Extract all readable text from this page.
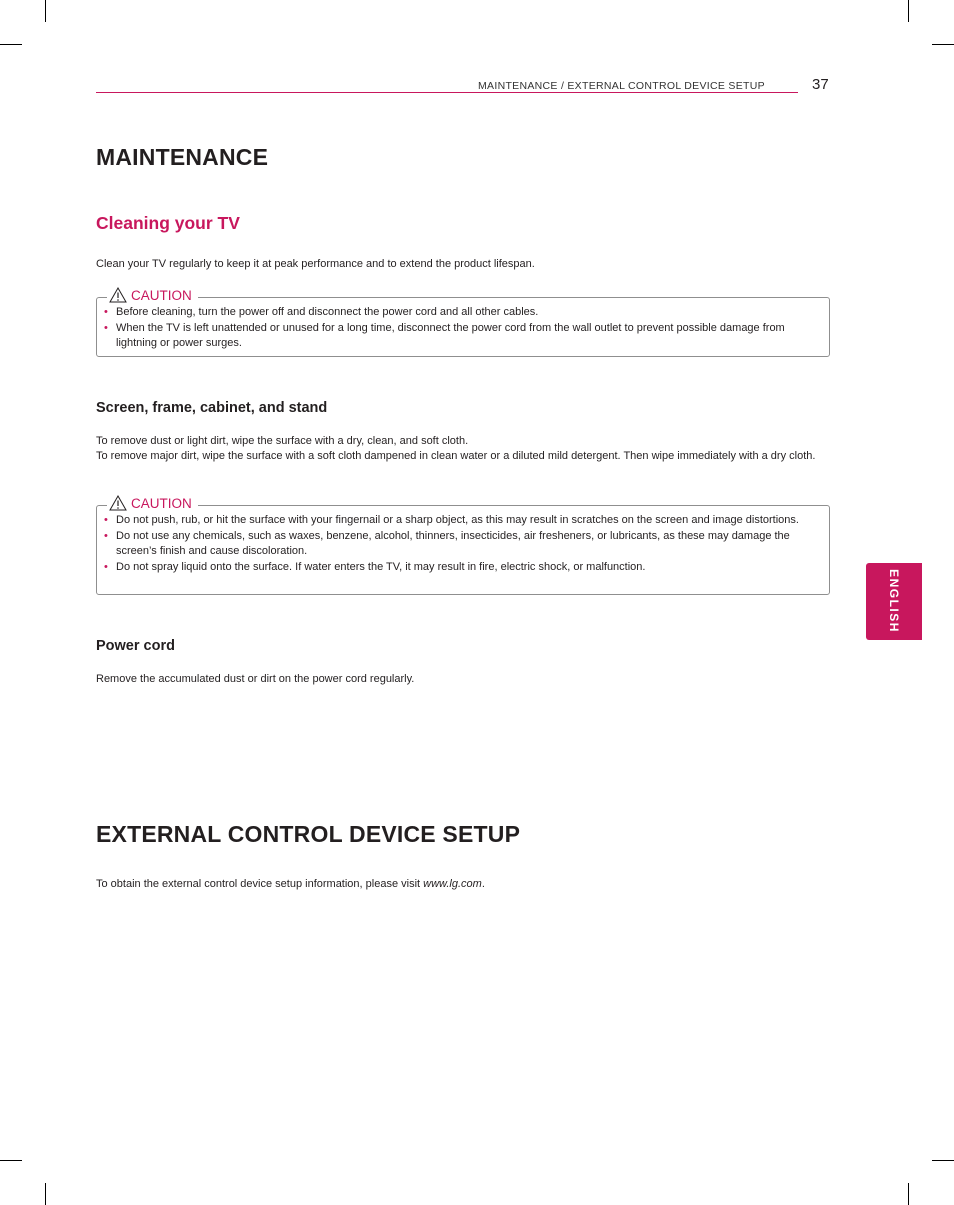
MAINTENANCE / EXTERNAL CONTROL DEVICE SETUP	37
MAINTENANCE
Cleaning your TV

Clean your TV regularly to keep it at peak performance and to extend the product lifespan.

CAUTION
• Before cleaning, turn the power off and disconnect the power cord and all other cables.
• When the TV is left unattended or unused for a long time, disconnect the power cord from the wall outlet to prevent possible damage from lightning or power surges.
Screen, frame, cabinet, and stand

To remove dust or light dirt, wipe the surface with a dry, clean, and soft cloth.

To remove major dirt, wipe the surface with a soft cloth dampened in clean water or a diluted mild detergent. Then wipe immediately with a dry cloth.

CAUTION
• Do not push, rub, or hit the surface with your fingernail or a sharp object, as this may result in scratches on the screen and image distortions.
• Do not use any chemicals, such as waxes, benzene, alcohol, thinners, insecticides, air fresheners, or lubricants, as these may damage the screen’s finish and cause discoloration.
• Do not spray liquid onto the surface. If water enters the TV, it may result in fire, electric shock, or malfunction.
Power cord

Remove the accumulated dust or dirt on the power cord regularly.

EXTERNAL CONTROL DEVICE SETUP

To obtain the external control device setup information, please visit www.lg.com.

ENGLISH
